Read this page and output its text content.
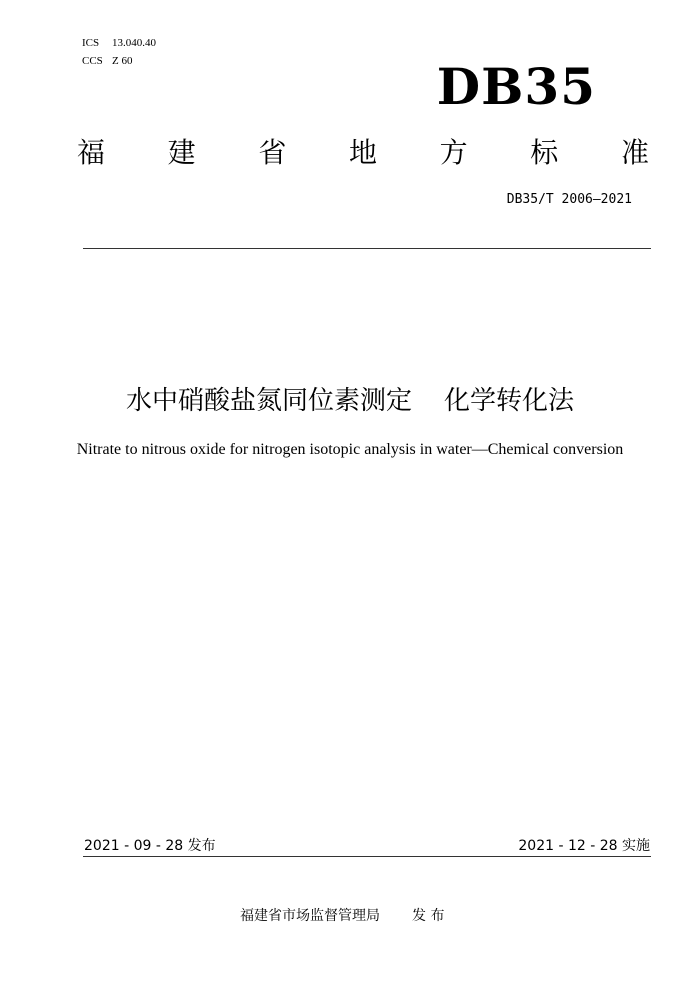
ICS 13.040.40
CCS Z 60	DB35
福 建 省 地 方 标 准
DB35/T 2006—2021
水中硝酸盐氮同位素测定 化学转化法
Nitrate to nitrous oxide for nitrogen isotopic analysis in water—Chemical conversion
2021 - 09 - 28 发布	2021 - 12 - 28 实施
福建省市场监督管理局 发 布
